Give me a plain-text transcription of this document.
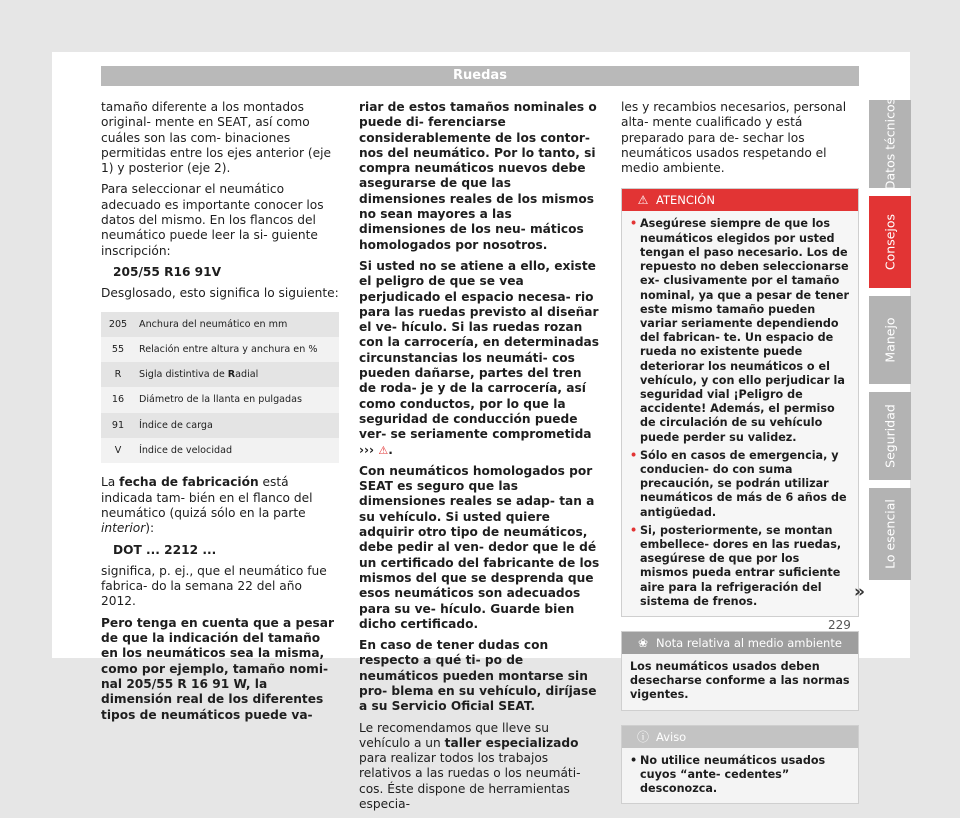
Ruedas

tamaño diferente a los montados original- mente en SEAT, así como cuáles son las com- binaciones permitidas entre los ejes anterior (eje 1) y posterior (eje 2).

Para seleccionar el neumático adecuado es importante conocer los datos del mismo. En los flancos del neumático puede leer la si- guiente inscripción:

205/55 R16 91V

Desglosado, esto significa lo siguiente:

205	Anchura del neumático en mm
55	Relación entre altura y anchura en %
R	Sigla distintiva de Radial
16	Diámetro de la llanta en pulgadas
91	Índice de carga
V	Índice de velocidad

La fecha de fabricación está indicada tam- bién en el flanco del neumático (quizá sólo en la parte interior):

DOT ... 2212 ...

significa, p. ej., que el neumático fue fabrica- do la semana 22 del año 2012.

Pero tenga en cuenta que a pesar de que la indicación del tamaño en los neumáticos sea la misma, como por ejemplo, tamaño nomi- nal 205/55 R 16 91 W, la dimensión real de los diferentes tipos de neumáticos puede va-

riar de estos tamaños nominales o puede di- ferenciarse considerablemente de los contor- nos del neumático. Por lo tanto, si compra neumáticos nuevos debe asegurarse de que las dimensiones reales de los mismos no sean mayores a las dimensiones de los neu- máticos homologados por nosotros.

Si usted no se atiene a ello, existe el peligro de que se vea perjudicado el espacio necesa- rio para las ruedas previsto al diseñar el ve- hículo. Si las ruedas rozan con la carrocería, en determinadas circunstancias los neumáti- cos pueden dañarse, partes del tren de roda- je y de la carrocería, así como conductos, por lo que la seguridad de conducción puede ver- se seriamente comprometida ››› ⚠.

Con neumáticos homologados por SEAT es seguro que las dimensiones reales se adap- tan a su vehículo. Si usted quiere adquirir otro tipo de neumáticos, debe pedir al ven- dedor que le dé un certificado del fabricante de los mismos del que se desprenda que esos neumáticos son adecuados para su ve- hículo. Guarde bien dicho certificado.

En caso de tener dudas con respecto a qué ti- po de neumáticos pueden montarse sin pro- blema en su vehículo, diríjase a su Servicio Oficial SEAT.

Le recomendamos que lleve su vehículo a un taller especializado para realizar todos los trabajos relativos a las ruedas o los neumáti- cos. Éste dispone de herramientas especia-

les y recambios necesarios, personal alta- mente cualificado y está preparado para de- sechar los neumáticos usados respetando el medio ambiente.

⚠ ATENCIÓN
• Asegúrese siempre de que los neumáticos elegidos por usted tengan el paso necesario. Los de repuesto no deben seleccionarse ex- clusivamente por el tamaño nominal, ya que a pesar de tener este mismo tamaño pueden variar seriamente dependiendo del fabrican- te. Un espacio de rueda no existente puede deteriorar los neumáticos o el vehículo, y con ello perjudicar la seguridad vial ¡Peligro de accidente! Además, el permiso de circulación de su vehículo puede perder su validez.
• Sólo en casos de emergencia, y conducien- do con suma precaución, se podrán utilizar neumáticos de más de 6 años de antigüedad.
• Si, posteriormente, se montan embellece- dores en las ruedas, asegúrese de que por los mismos pueda entrar suficiente aire para la refrigeración del sistema de frenos.
❀ Nota relativa al medio ambiente
Los neumáticos usados deben desecharse conforme a las normas vigentes.
ⓘ Aviso
• No utilice neumáticos usados cuyos “ante- cedentes” desconozca.
»
229
Datos técnicos
Consejos
Manejo
Seguridad
Lo esencial
